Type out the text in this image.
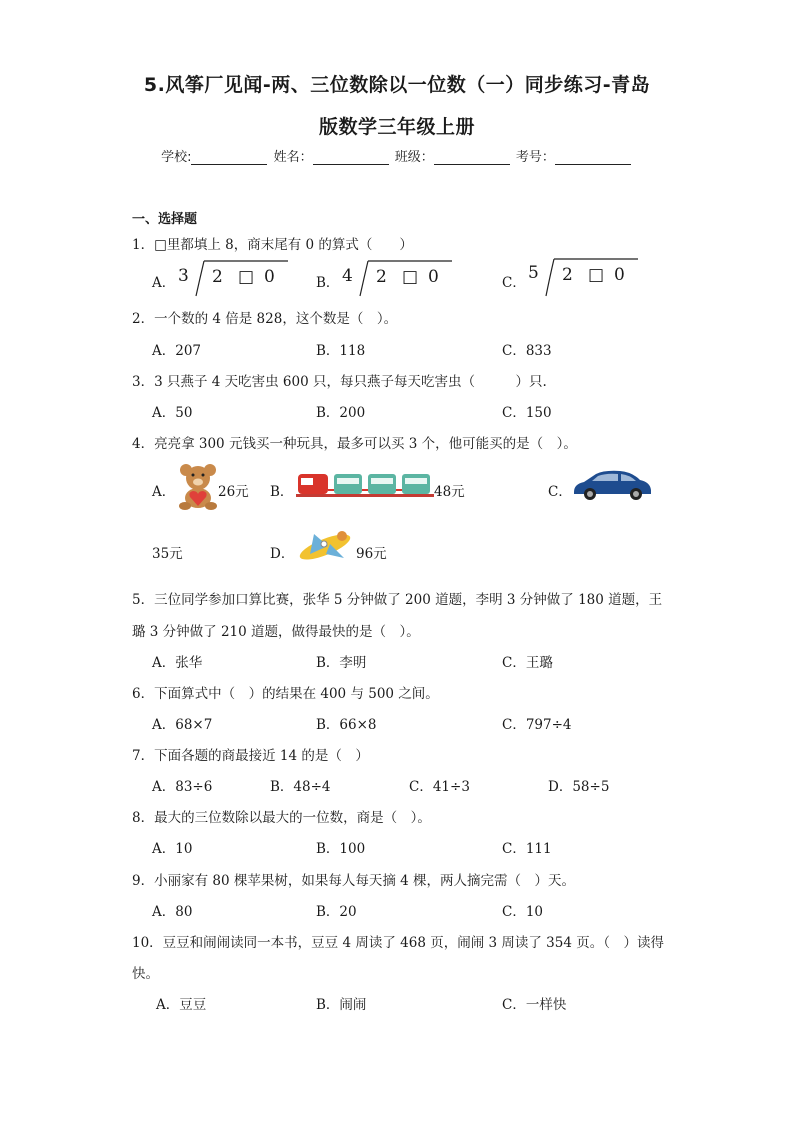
5.风筝厂见闻-两、三位数除以一位数（一）同步练习-青岛
版数学三年级上册
学校:	姓名：	班级：	考号：
一、选择题
1．□里都填上 8，商末尾有 0 的算式（　　）
A． 3 2 □ 0	B． 4 2 □ 0	C． 5 2 □ 0
2．一个数的 4 倍是 828，这个数是（　）。
A．207	B．118	C．833
3．3 只燕子 4 天吃害虫 600 只，每只燕子每天吃害虫（　　　）只.
A．50	B．200	C．150
4．亮亮拿 300 元钱买一种玩具，最多可以买 3 个，他可能买的是（　）。
A．	26元 B．	48元	C．
35元	D．	96元
5．三位同学参加口算比赛，张华 5 分钟做了 200 道题，李明 3 分钟做了 180 道题，王
璐 3 分钟做了 210 道题，做得最快的是（　）。
A．张华	B．李明	C．王璐
6．下面算式中（　）的结果在 400 与 500 之间。
A．68×7	B．66×8	C．797÷4
7．下面各题的商最接近 14 的是（　）
A．83÷6	B．48÷4	C．41÷3	D．58÷5
8．最大的三位数除以最大的一位数，商是（　）。
A．10	B．100	C．111
9．小丽家有 80 棵苹果树，如果每人每天摘 4 棵，两人摘完需（　）天。
A．80	B．20	C．10
10．豆豆和闹闹读同一本书，豆豆 4 周读了 468 页，闹闹 3 周读了 354 页。（　）读得
快。
A．豆豆	B．闹闹	C．一样快
